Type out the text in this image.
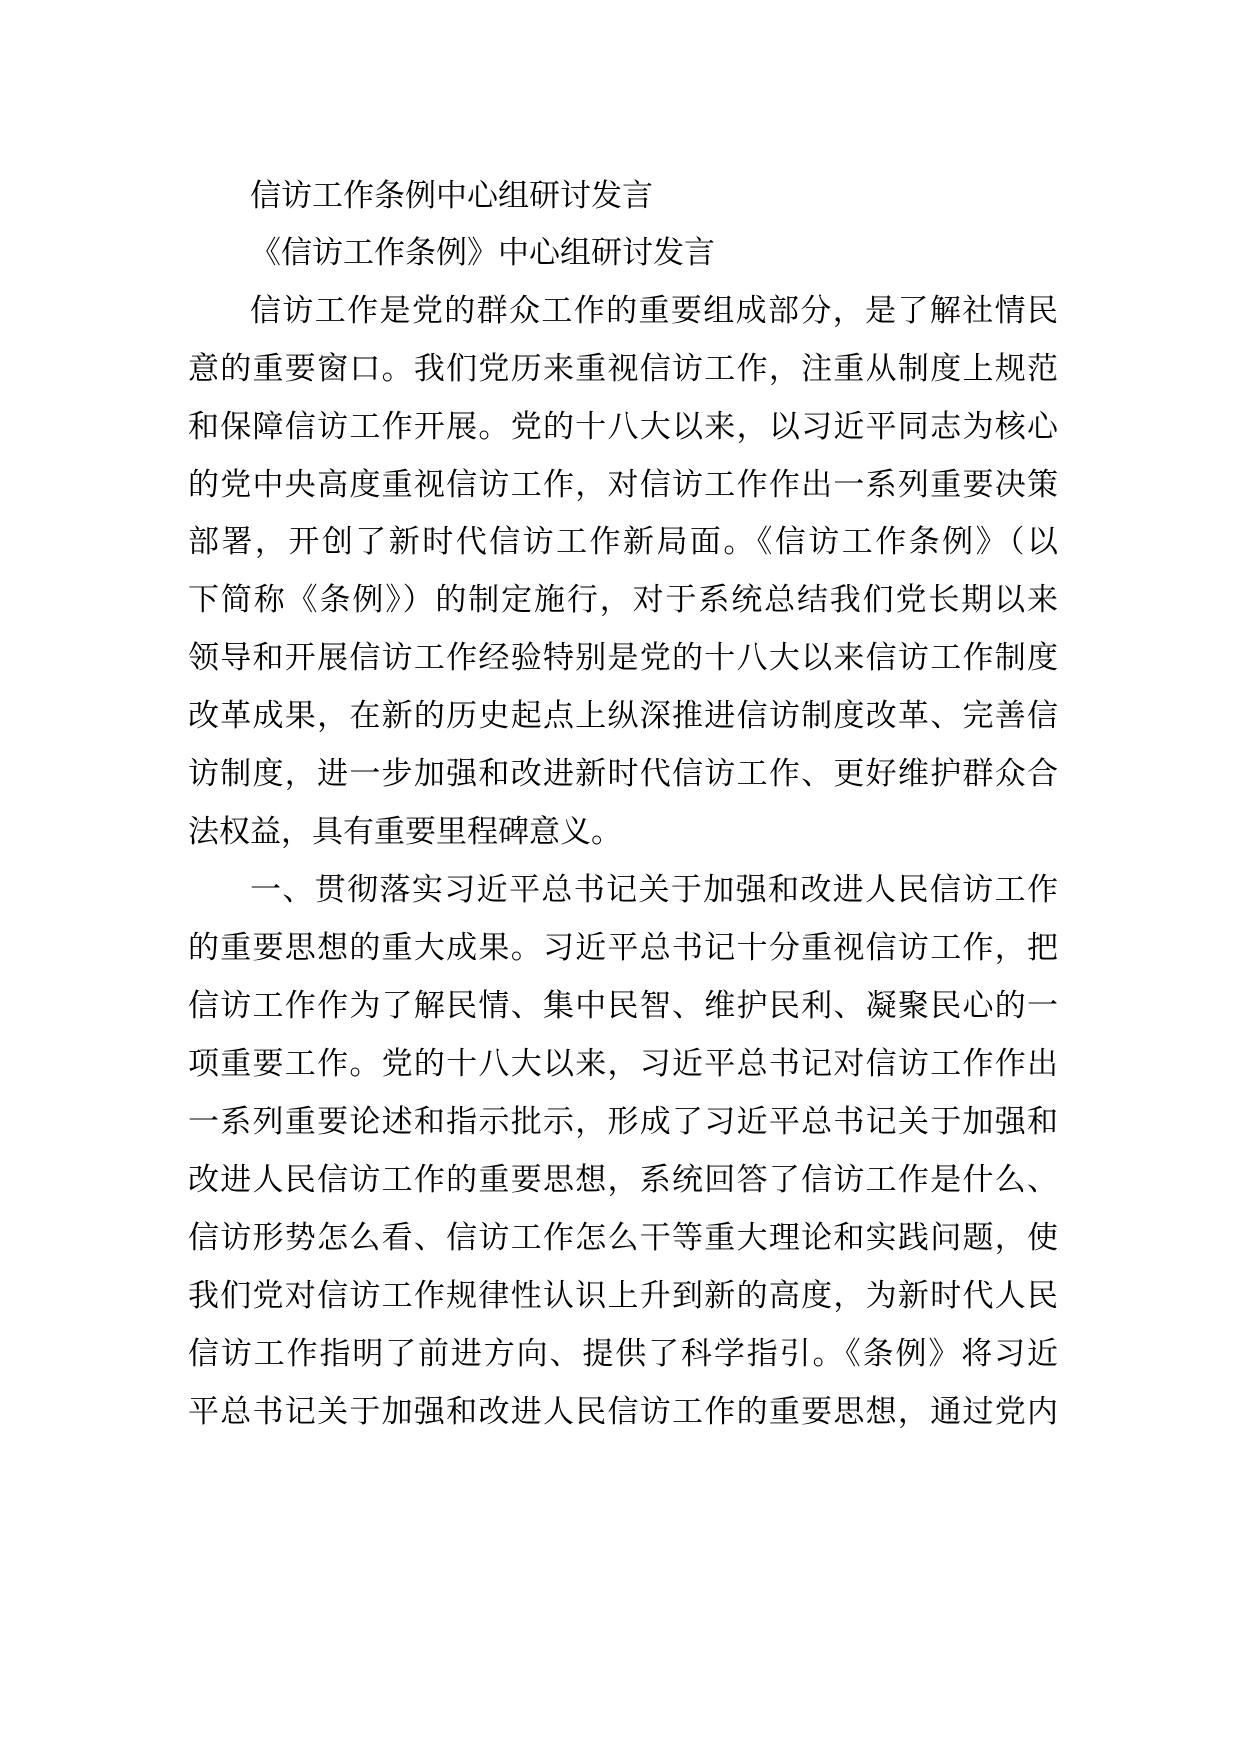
信访工作条例中心组研讨发言
《信访工作条例》中心组研讨发言
信访工作是党的群众工作的重要组成部分，是了解社情民
意的重要窗口。我们党历来重视信访工作，注重从制度上规范
和保障信访工作开展。党的十八大以来，以习近平同志为核心
的党中央高度重视信访工作，对信访工作作出一系列重要决策
部署，开创了新时代信访工作新局面。《信访工作条例》（以
下简称《条例》）的制定施行，对于系统总结我们党长期以来
领导和开展信访工作经验特别是党的十八大以来信访工作制度
改革成果，在新的历史起点上纵深推进信访制度改革、完善信
访制度，进一步加强和改进新时代信访工作、更好维护群众合
法权益，具有重要里程碑意义。
一、贯彻落实习近平总书记关于加强和改进人民信访工作
的重要思想的重大成果。习近平总书记十分重视信访工作，把
信访工作作为了解民情、集中民智、维护民利、凝聚民心的一
项重要工作。党的十八大以来，习近平总书记对信访工作作出
一系列重要论述和指示批示，形成了习近平总书记关于加强和
改进人民信访工作的重要思想，系统回答了信访工作是什么、
信访形势怎么看、信访工作怎么干等重大理论和实践问题，使
我们党对信访工作规律性认识上升到新的高度，为新时代人民
信访工作指明了前进方向、提供了科学指引。《条例》将习近
平总书记关于加强和改进人民信访工作的重要思想，通过党内
